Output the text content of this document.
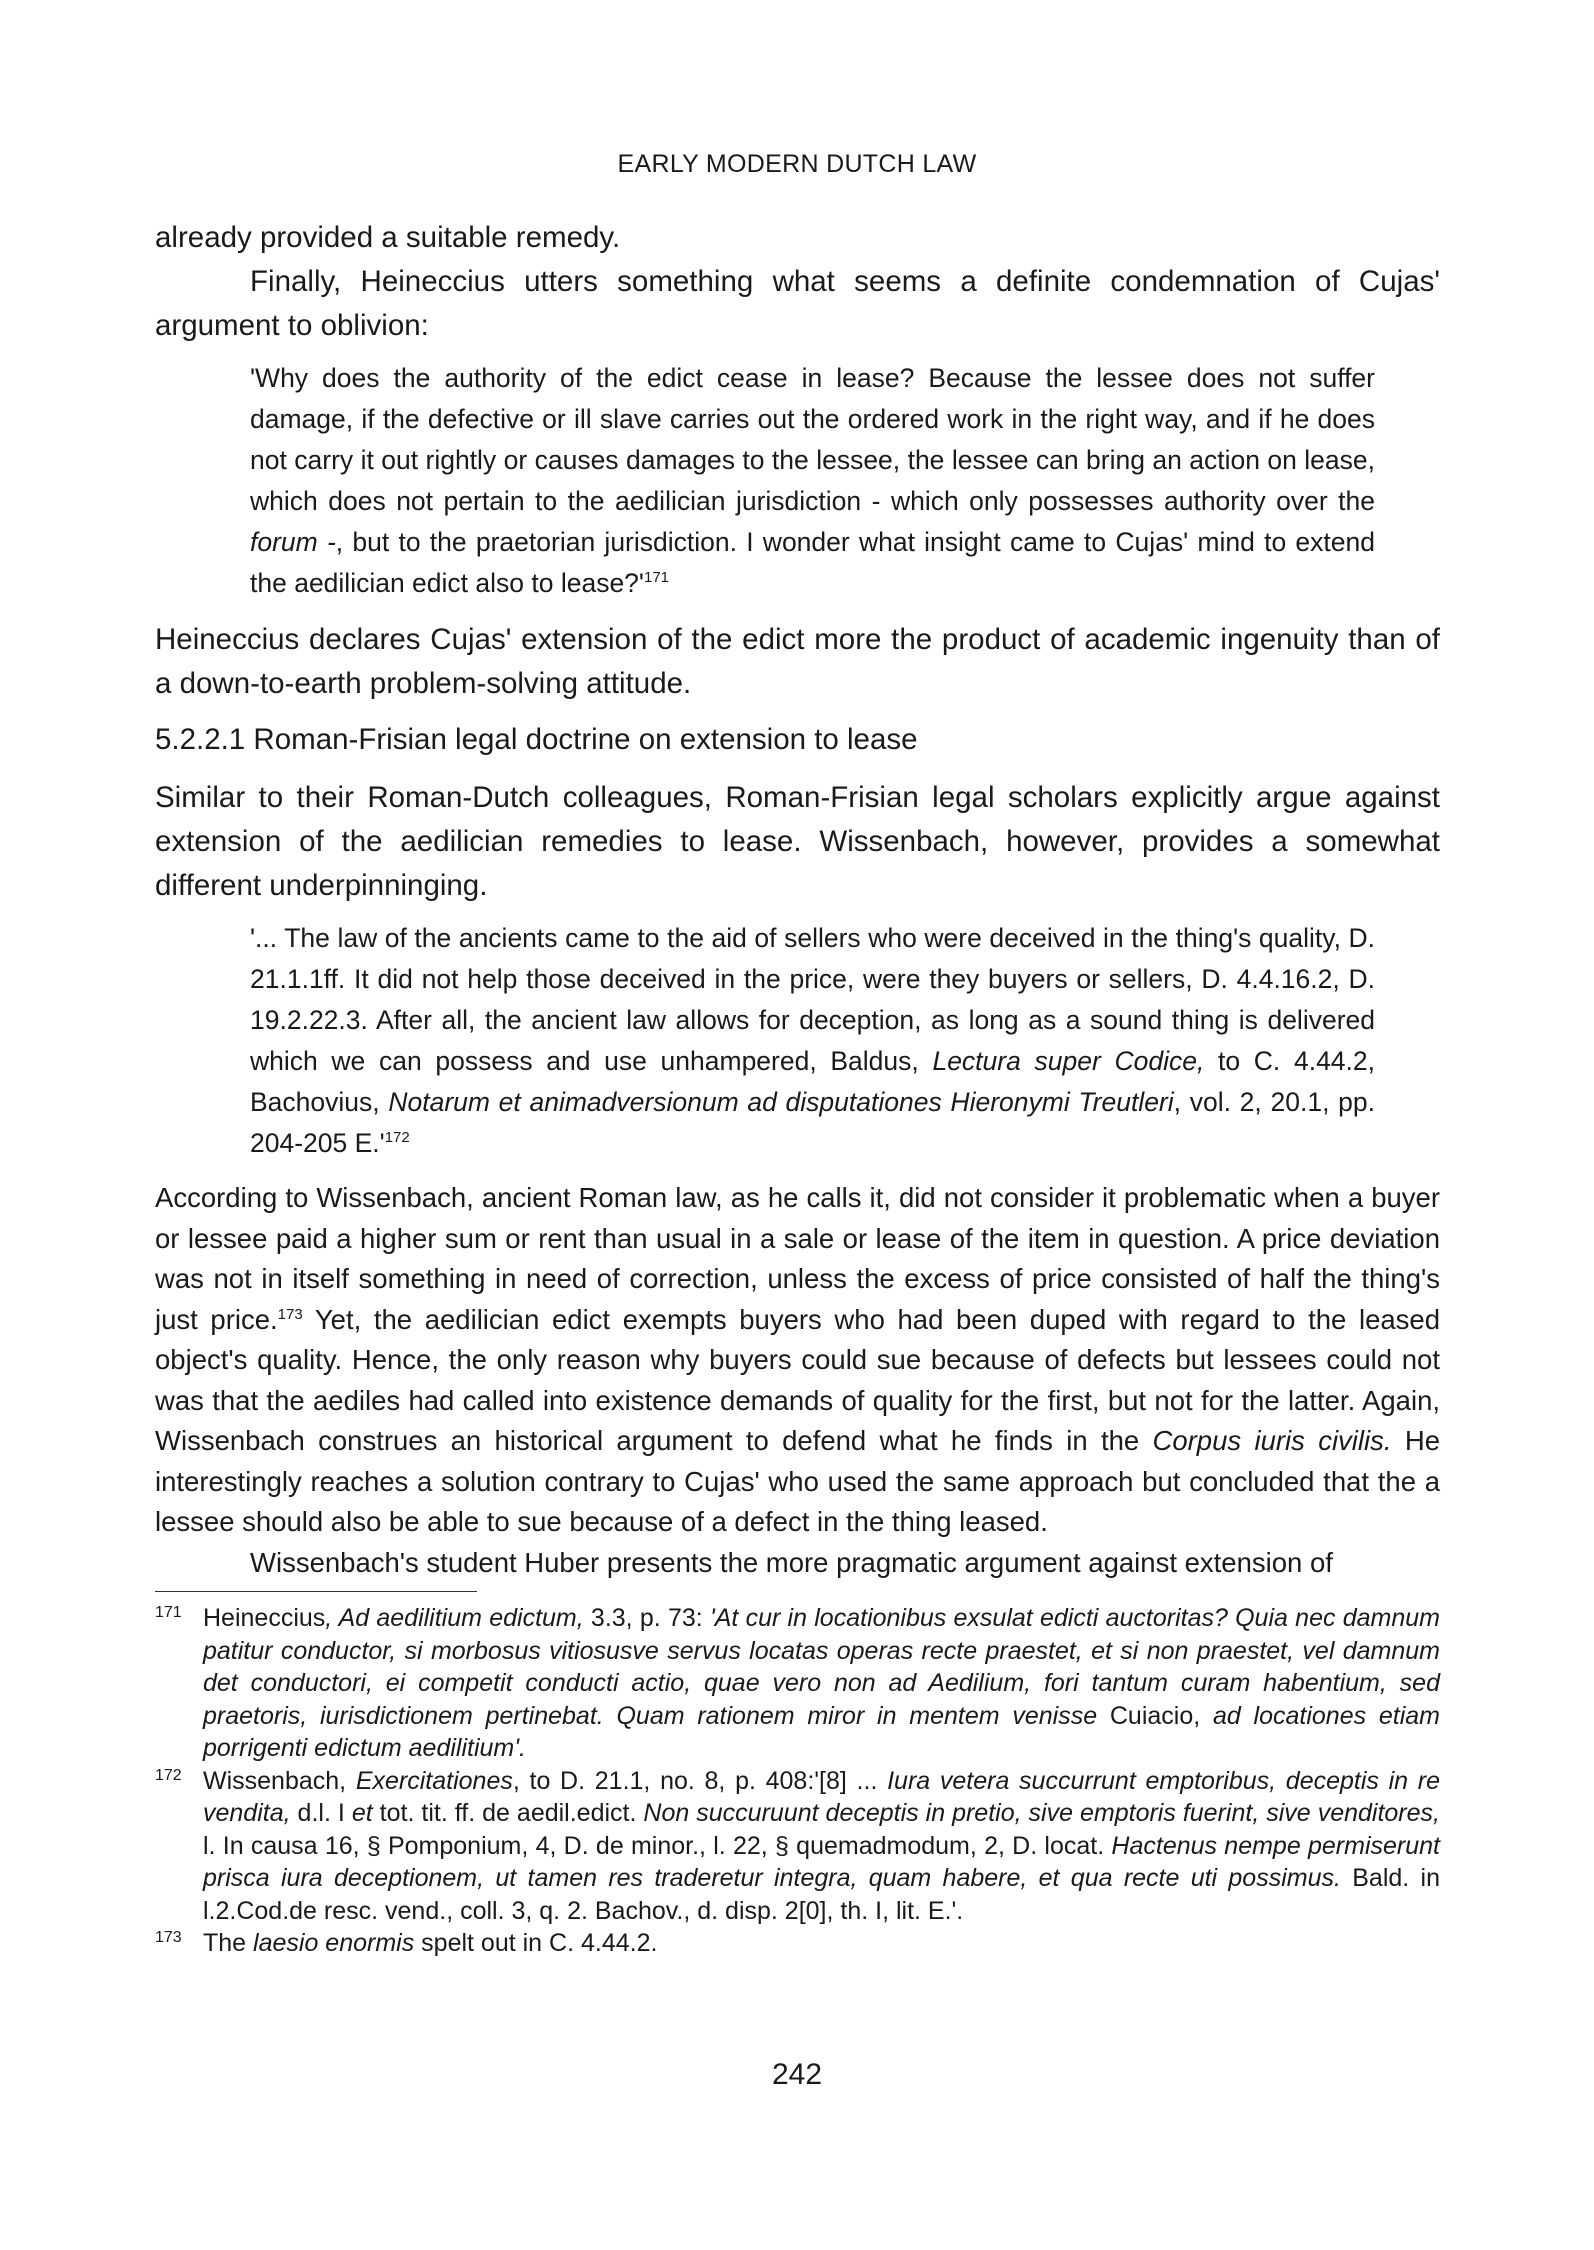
EARLY MODERN DUTCH LAW

already provided a suitable remedy.

Finally, Heineccius utters something what seems a definite condemnation of Cujas' argument to oblivion:

'Why does the authority of the edict cease in lease? Because the lessee does not suffer damage, if the defective or ill slave carries out the ordered work in the right way, and if he does not carry it out rightly or causes damages to the lessee, the lessee can bring an action on lease, which does not pertain to the aedilician jurisdiction - which only possesses authority over the forum -, but to the praetorian jurisdiction. I wonder what insight came to Cujas' mind to extend the aedilician edict also to $lease?'^{171}$

Heineccius declares Cujas' extension of the edict more the product of academic ingenuity than of a down-to-earth problem-solving attitude.

5.2.2.1 Roman-Frisian legal doctrine on extension to lease

Similar to their Roman-Dutch colleagues, Roman-Frisian legal scholars explicitly argue against extension of the aedilician remedies to lease. Wissenbach, however, provides a somewhat different underpinninging.

'... The law of the ancients came to the aid of sellers who were deceived in the thing's quality, D. 21.1.1ff. It did not help those deceived in the price, were they buyers or sellers, D. 4.4.16.2, D. 19.2.22.3. After all, the ancient law allows for deception, as long as a sound thing is delivered which we can possess and use unhampered, Baldus, Lectura super Codice, to C. 4.44.2, Bachovius, Notarum et animadversionum ad disputationes Hieronymi Treutleri, vol. 2, 20.1, pp. 204-205 $E.'^{172}$

According to Wissenbach, ancient Roman law, as he calls it, did not consider it problematic when a buyer or lessee paid a higher sum or rent than usual in a sale or lease of the item in question. A price deviation was not in itself something in need of correction, unless the excess of price consisted of half the thing's just price.$^{173}$ Yet, the aedilician edict exempts buyers who had been duped with regard to the leased object's quality. Hence, the only reason why buyers could sue because of defects but lessees could not was that the aediles had called into existence demands of quality for the first, but not for the latter. Again, Wissenbach construes an historical argument to defend what he finds in the Corpus iuris civilis. He interestingly reaches a solution contrary to Cujas' who used the same approach but concluded that the a lessee should also be able to sue because of a defect in the thing leased.

Wissenbach's student Huber presents the more pragmatic argument against extension of

171 Heineccius, Ad aedilitium edictum, 3.3, p. 73: 'At cur in locationibus exsulat edicti auctoritas? Quia nec damnum patitur conductor, si morbosus vitiosusve servus locatas operas recte praestet, et si non praestet, vel damnum det conductori, ei competit conducti actio, quae vero non ad Aedilium, fori tantum curam habentium, sed praetoris, iurisdictionem pertinebat. Quam rationem miror in mentem venisse Cuiacio, ad locationes etiam porrigenti edictum aedilitium'.

172 Wissenbach, Exercitationes, to D. 21.1, no. 8, p. 408:'[8] ... Iura vetera succurrunt emptoribus, deceptis in re vendita, d.l. I et tot. tit. ff. de aedil.edict. Non succuruunt deceptis in pretio, sive emptoris fuerint, sive venditores, l. In causa 16, § Pomponium, 4, D. de minor., l. 22, § quemadmodum, 2, D. locat. Hactenus nempe permiserunt prisca iura deceptionem, ut tamen res traderetur integra, quam habere, et qua recte uti possimus. Bald. in l.2.Cod.de resc. vend., coll. 3, q. 2. Bachov., d. disp. 2[0], th. I, lit. E.'.

173 The laesio enormis spelt out in C. 4.44.2.

242
